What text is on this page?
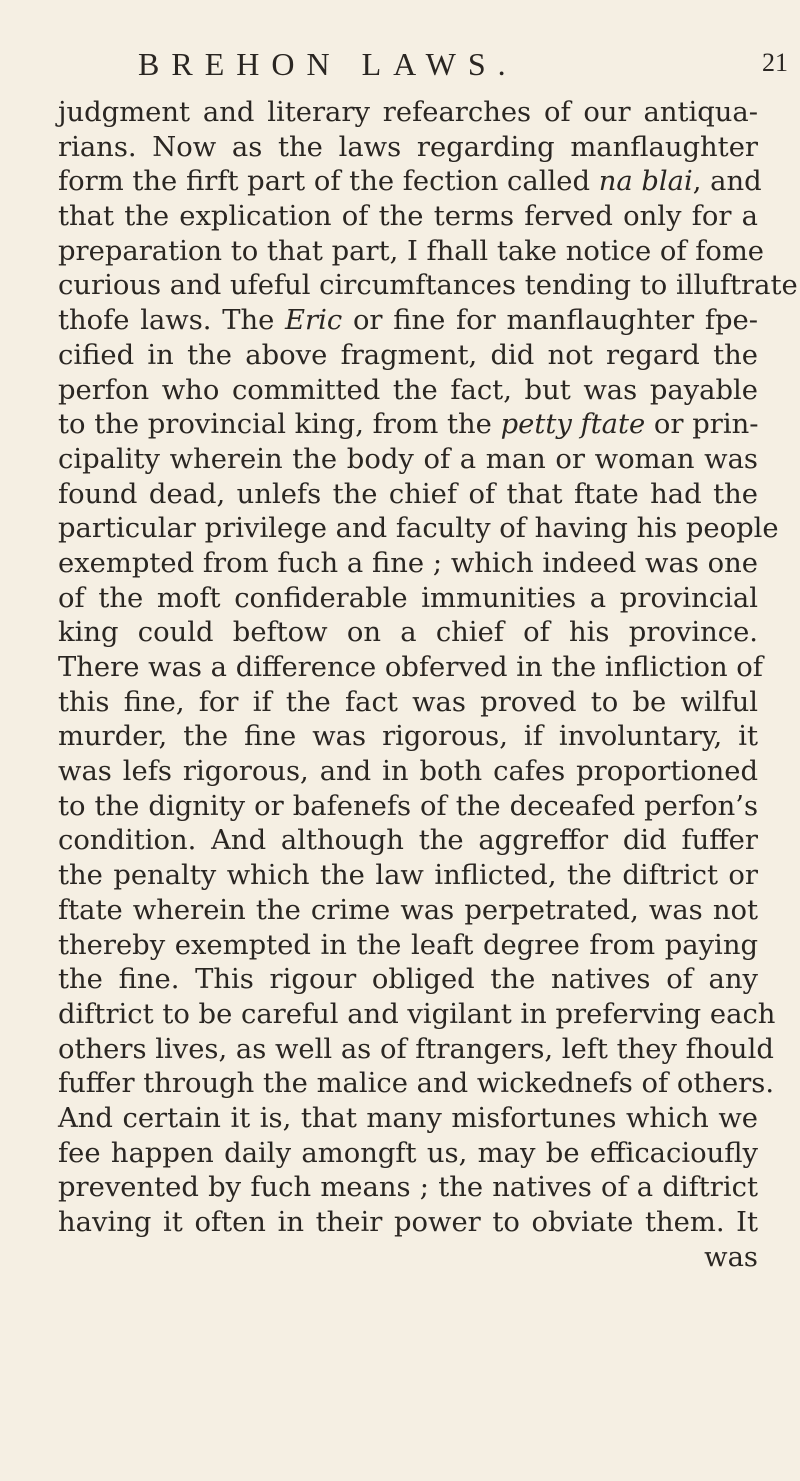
BREHON LAWS.	21
judgment and literary refearches of our antiqua-
rians. Now as the laws regarding manflaughter
form the firft part of the fection called na blai, and
that the explication of the terms ferved only for a
preparation to that part, I fhall take notice of fome
curious and ufeful circumftances tending to illuftrate
thofe laws. The Eric or fine for manflaughter fpe-
cified in the above fragment, did not regard the
perfon who committed the fact, but was payable
to the provincial king, from the petty ftate or prin-
cipality wherein the body of a man or woman was
found dead, unlefs the chief of that ftate had the
particular privilege and faculty of having his people
exempted from fuch a fine ; which indeed was one
of the moft confiderable immunities a provincial
king could beftow on a chief of his province.
There was a difference obferved in the infliction of
this fine, for if the fact was proved to be wilful
murder, the fine was rigorous, if involuntary, it
was lefs rigorous, and in both cafes proportioned
to the dignity or bafenefs of the deceafed perfon’s
condition. And although the aggreffor did fuffer
the penalty which the law inflicted, the diftrict or
ftate wherein the crime was perpetrated, was not
thereby exempted in the leaft degree from paying
the fine. This rigour obliged the natives of any
diftrict to be careful and vigilant in preferving each
others lives, as well as of ftrangers, left they fhould
fuffer through the malice and wickednefs of others.
And certain it is, that many misfortunes which we
fee happen daily amongft us, may be efficacioufly
prevented by fuch means ; the natives of a diftrict
having it often in their power to obviate them. It
was
